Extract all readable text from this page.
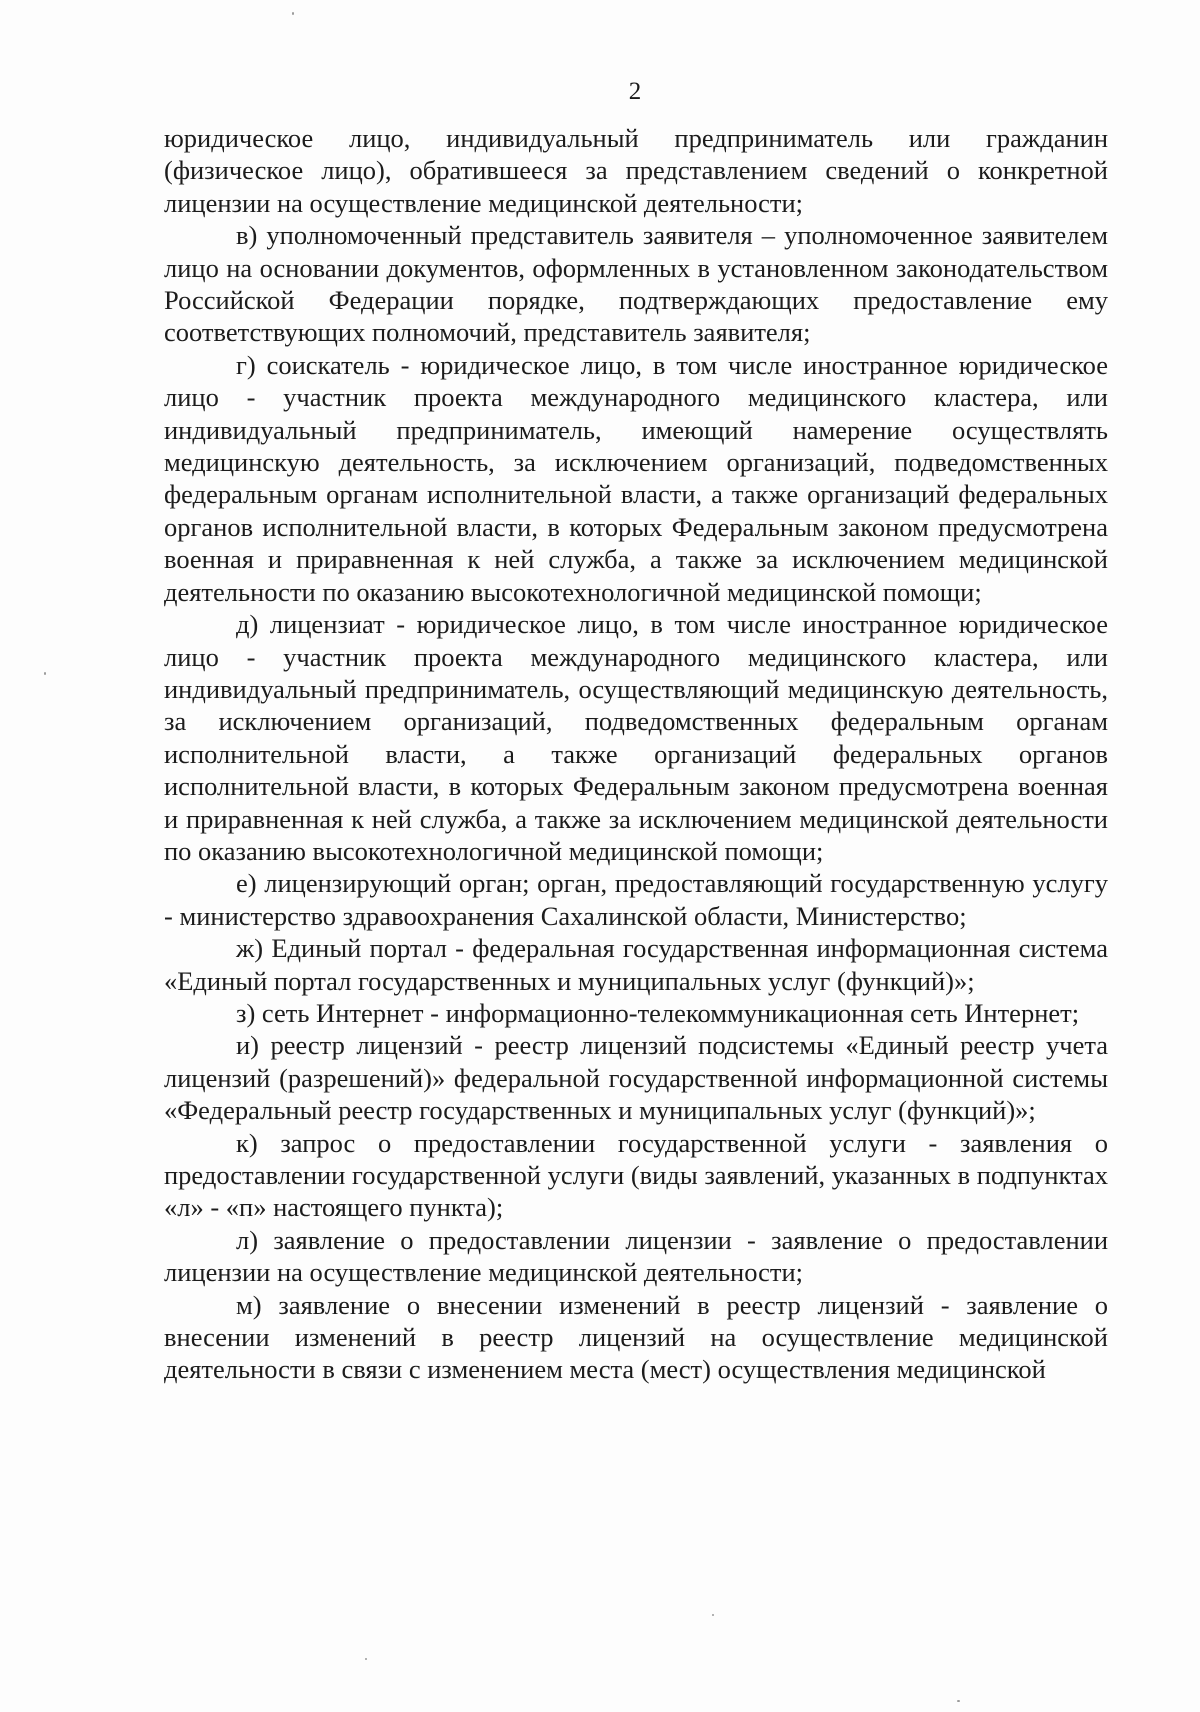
2

юридическое лицо, индивидуальный предприниматель или гражданин (физическое лицо), обратившееся за представлением сведений о конкретной лицензии на осуществление медицинской деятельности;

в) уполномоченный представитель заявителя – уполномоченное заявителем лицо на основании документов, оформленных в установленном законодательством Российской Федерации порядке, подтверждающих предоставление ему соответствующих полномочий, представитель заявителя;

г) соискатель - юридическое лицо, в том числе иностранное юридическое лицо - участник проекта международного медицинского кластера, или индивидуальный предприниматель, имеющий намерение осуществлять медицинскую деятельность, за исключением организаций, подведомственных федеральным органам исполнительной власти, а также организаций федеральных органов исполнительной власти, в которых Федеральным законом предусмотрена военная и приравненная к ней служба, а также за исключением медицинской деятельности по оказанию высокотехнологичной медицинской помощи;

д) лицензиат - юридическое лицо, в том числе иностранное юридическое лицо - участник проекта международного медицинского кластера, или индивидуальный предприниматель, осуществляющий медицинскую деятельность, за исключением организаций, подведомственных федеральным органам исполнительной власти, а также организаций федеральных органов исполнительной власти, в которых Федеральным законом предусмотрена военная и приравненная к ней служба, а также за исключением медицинской деятельности по оказанию высокотехнологичной медицинской помощи;

е) лицензирующий орган; орган, предоставляющий государственную услугу - министерство здравоохранения Сахалинской области, Министерство;

ж) Единый портал - федеральная государственная информационная система «Единый портал государственных и муниципальных услуг (функций)»;

з) сеть Интернет - информационно-телекоммуникационная сеть Интернет;

и) реестр лицензий - реестр лицензий подсистемы «Единый реестр учета лицензий (разрешений)» федеральной государственной информационной системы «Федеральный реестр государственных и муниципальных услуг (функций)»;

к) запрос о предоставлении государственной услуги - заявления о предоставлении государственной услуги (виды заявлений, указанных в подпунктах «л» - «п» настоящего пункта);

л) заявление о предоставлении лицензии - заявление о предоставлении лицензии на осуществление медицинской деятельности;

м) заявление о внесении изменений в реестр лицензий - заявление о внесении изменений в реестр лицензий на осуществление медицинской деятельности в связи с изменением места (мест) осуществления медицинской
